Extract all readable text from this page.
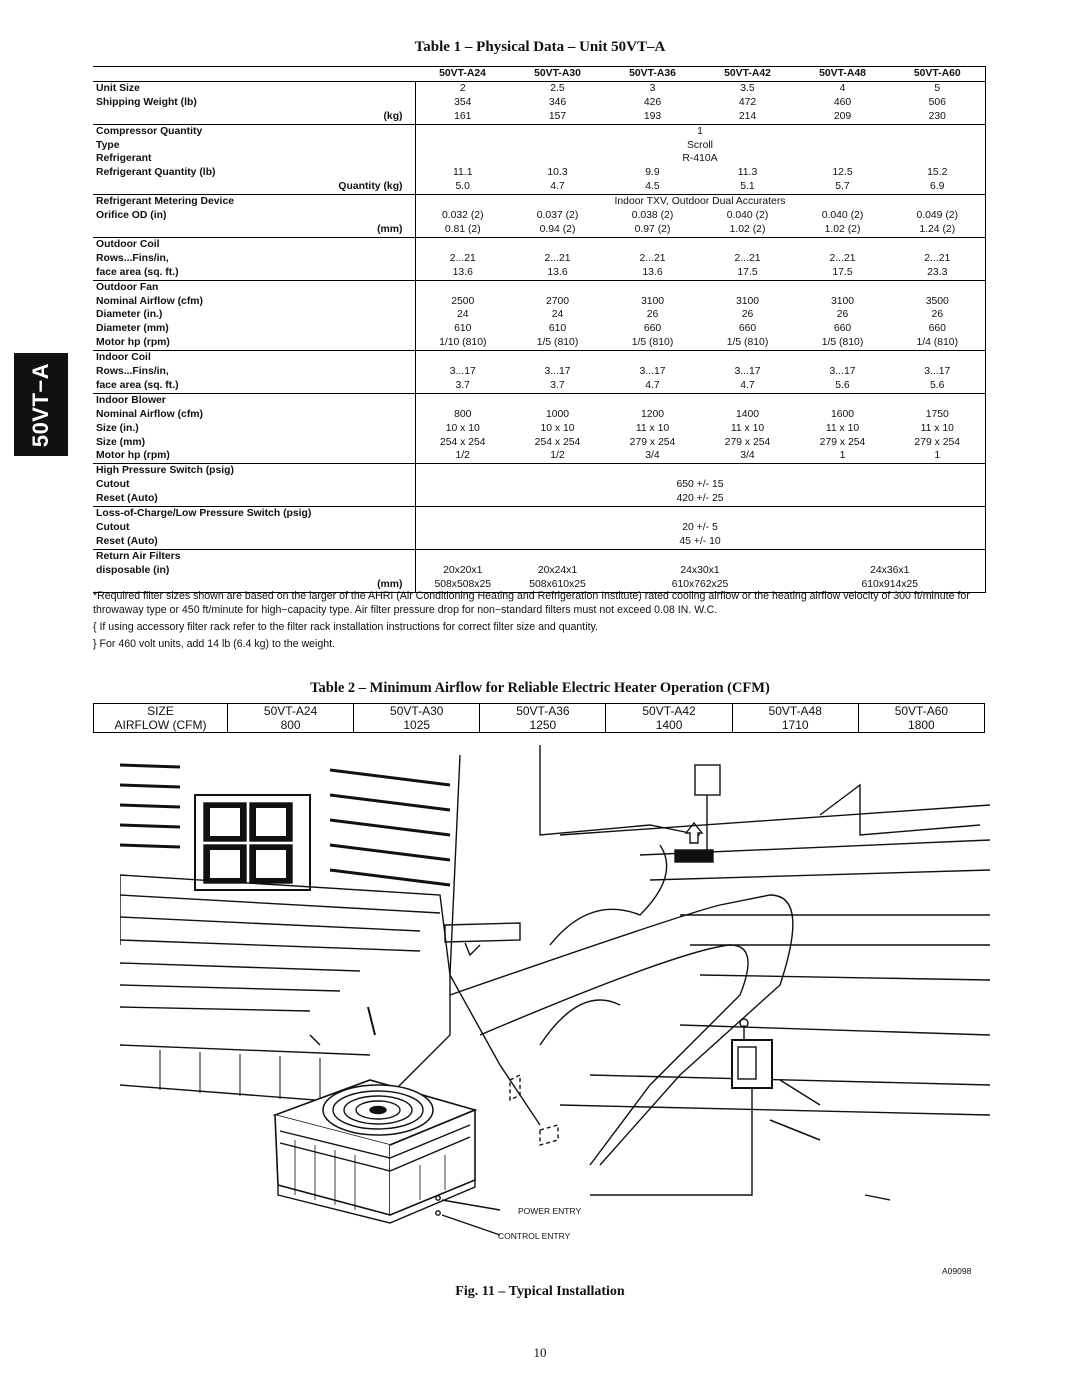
50VT−A
Table 1 – Physical Data – Unit 50VT–A
	50VT-A24	50VT-A30	50VT-A36	50VT-A42	50VT-A48	50VT-A60
Unit Size	2	2.5	3	3.5	4	5
Shipping Weight (lb)	354	346	426	472	460	506
(kg)	161	157	193	214	209	230
Compressor Quantity	1					
Type	Scroll					
Refrigerant	R-410A					
Refrigerant Quantity (lb)	11.1	10.3	9.9	11.3	12.5	15.2
Quantity (kg)	5.0	4.7	4.5	5.1	5.7	6.9
Refrigerant Metering Device	Indoor TXV, Outdoor Dual Accuraters					
Orifice OD (in)	0.032 (2)	0.037 (2)	0.038 (2)	0.040 (2)	0.040 (2)	0.049 (2)
(mm)	0.81 (2)	0.94 (2)	0.97 (2)	1.02 (2)	1.02 (2)	1.24 (2)
Outdoor Coil						
Rows...Fins/in,	2...21	2...21	2...21	2...21	2...21	2...21
face area (sq. ft.)	13.6	13.6	13.6	17.5	17.5	23.3
Outdoor Fan						
Nominal Airflow (cfm)	2500	2700	3100	3100	3100	3500
Diameter (in.)	24	24	26	26	26	26
Diameter (mm)	610	610	660	660	660	660
Motor hp (rpm)	1/10 (810)	1/5 (810)	1/5 (810)	1/5 (810)	1/5 (810)	1/4 (810)
Indoor Coil						
Rows...Fins/in,	3...17	3...17	3...17	3...17	3...17	3...17
face area (sq. ft.)	3.7	3.7	4.7	4.7	5.6	5.6
Indoor Blower						
Nominal Airflow (cfm)	800	1000	1200	1400	1600	1750
Size (in.)	10 x 10	10 x 10	11 x 10	11 x 10	11 x 10	11 x 10
Size (mm)	254 x 254	254 x 254	279 x 254	279 x 254	279 x 254	279 x 254
Motor hp (rpm)	1/2	1/2	3/4	3/4	1	1
High Pressure Switch (psig)						
Cutout	650 +/- 15					
Reset (Auto)	420 +/- 25					
Loss-of-Charge/Low Pressure Switch (psig)						
Cutout	20 +/- 5					
Reset (Auto)	45 +/- 10					
Return Air Filters						
disposable (in)	20x20x1	20x24x1	24x30x1		24x36x1	
(mm)	508x508x25	508x610x25	610x762x25		610x914x25	

*Required filter sizes shown are based on the larger of the AHRI (Air Conditioning Heating and Refrigeration Institute) rated cooling airflow or the heating airflow velocity of 300 ft/minute for throwaway type or 450 ft/minute for high−capacity type. Air filter pressure drop for non−standard filters must not exceed 0.08 IN. W.C.

{ If using accessory filter rack refer to the filter rack installation instructions for correct filter size and quantity.

} For 460 volt units, add 14 lb (6.4 kg) to the weight.

Table 2 – Minimum Airflow for Reliable Electric Heater Operation (CFM)
SIZE	50VT-A24	50VT-A30	50VT-A36	50VT-A42	50VT-A48	50VT-A60
AIRFLOW (CFM)	800	1025	1250	1400	1710	1800
POWER ENTRY
CONTROL ENTRY
A09098
Fig. 11 – Typical Installation
10
